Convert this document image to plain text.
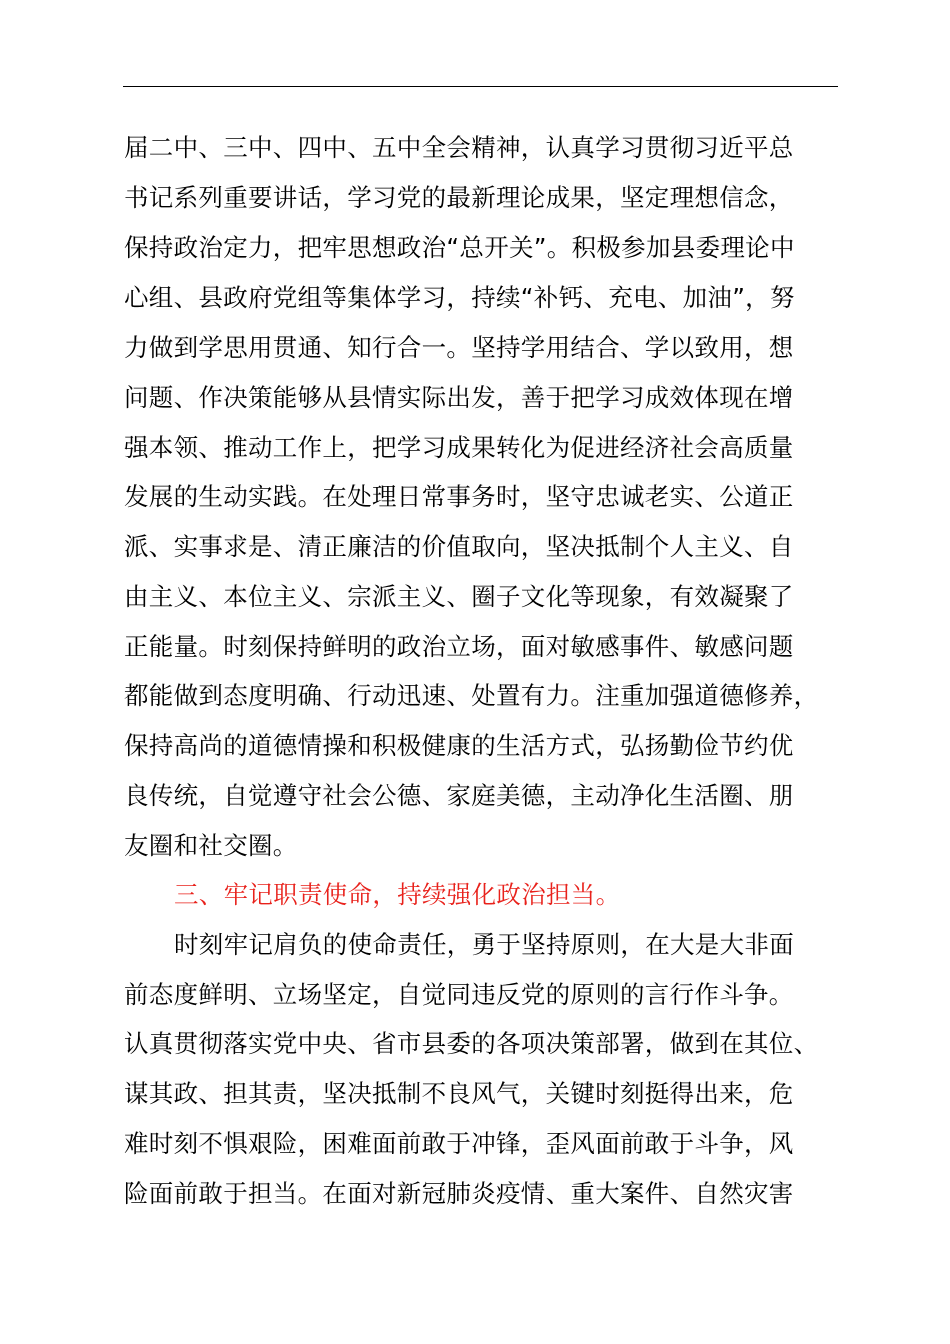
届二中、三中、四中、五中全会精神，认真学习贯彻习近平总
书记系列重要讲话，学习党的最新理论成果，坚定理想信念，
保持政治定力，把牢思想政治“总开关”。积极参加县委理论中
心组、县政府党组等集体学习，持续“补钙、充电、加油”，努
力做到学思用贯通、知行合一。坚持学用结合、学以致用，想
问题、作决策能够从县情实际出发，善于把学习成效体现在增
强本领、推动工作上，把学习成果转化为促进经济社会高质量
发展的生动实践。在处理日常事务时，坚守忠诚老实、公道正
派、实事求是、清正廉洁的价值取向，坚决抵制个人主义、自
由主义、本位主义、宗派主义、圈子文化等现象，有效凝聚了
正能量。时刻保持鲜明的政治立场，面对敏感事件、敏感问题
都能做到态度明确、行动迅速、处置有力。注重加强道德修养，
保持高尚的道德情操和积极健康的生活方式，弘扬勤俭节约优
良传统，自觉遵守社会公德、家庭美德，主动净化生活圈、朋
友圈和社交圈。
三、牢记职责使命，持续强化政治担当。
时刻牢记肩负的使命责任，勇于坚持原则，在大是大非面
前态度鲜明、立场坚定，自觉同违反党的原则的言行作斗争。
认真贯彻落实党中央、省市县委的各项决策部署，做到在其位、
谋其政、担其责，坚决抵制不良风气，关键时刻挺得出来，危
难时刻不惧艰险，困难面前敢于冲锋，歪风面前敢于斗争，风
险面前敢于担当。在面对新冠肺炎疫情、重大案件、自然灾害
